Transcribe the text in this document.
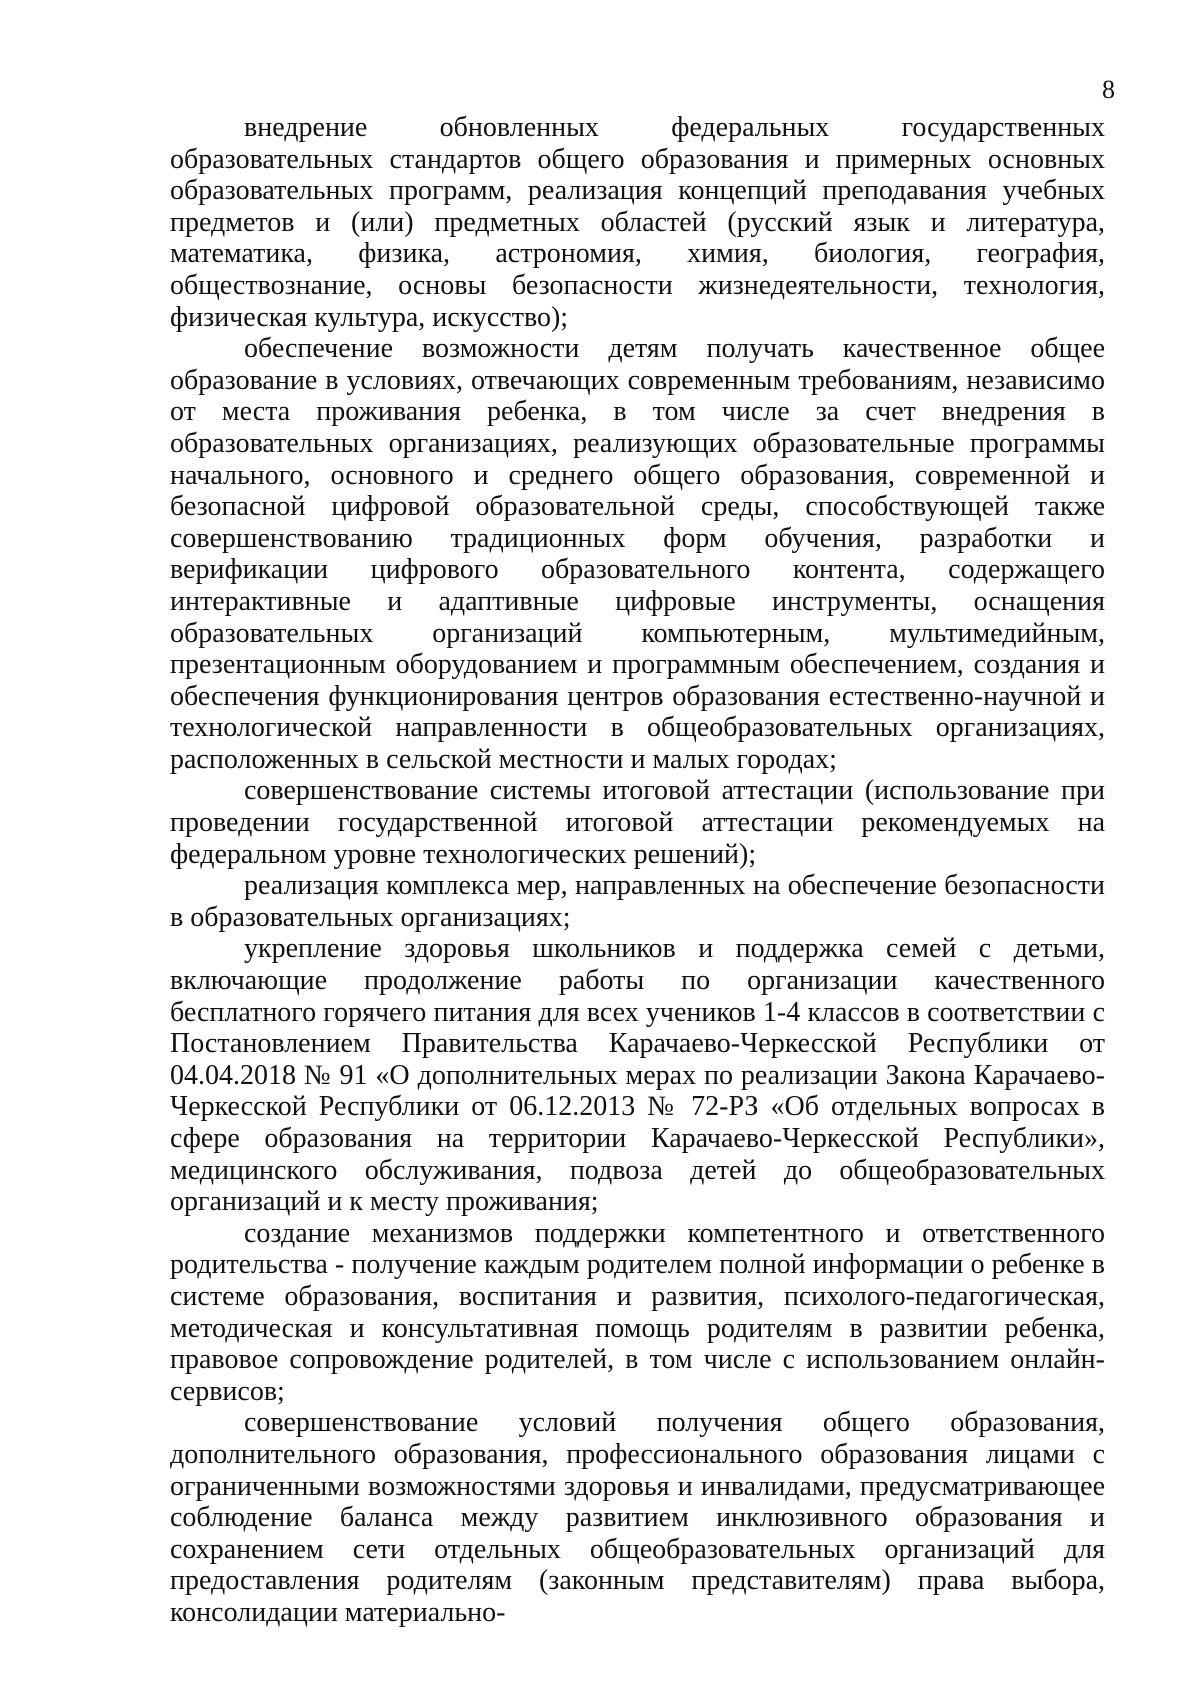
8

внедрение обновленных федеральных государственных образовательных стандартов общего образования и примерных основных образовательных программ, реализация концепций преподавания учебных предметов и (или) предметных областей (русский язык и литература, математика, физика, астрономия, химия, биология, география, обществознание, основы безопасности жизнедеятельности, технология, физическая культура, искусство);

обеспечение возможности детям получать качественное общее образование в условиях, отвечающих современным требованиям, независимо от места проживания ребенка, в том числе за счет внедрения в образовательных организациях, реализующих образовательные программы начального, основного и среднего общего образования, современной и безопасной цифровой образовательной среды, способствующей также совершенствованию традиционных форм обучения, разработки и верификации цифрового образовательного контента, содержащего интерактивные и адаптивные цифровые инструменты, оснащения образовательных организаций компьютерным, мультимедийным, презентационным оборудованием и программным обеспечением, создания и обеспечения функционирования центров образования естественно-научной и технологической направленности в общеобразовательных организациях, расположенных в сельской местности и малых городах;

совершенствование системы итоговой аттестации (использование при проведении государственной итоговой аттестации рекомендуемых на федеральном уровне технологических решений);

реализация комплекса мер, направленных на обеспечение безопасности в образовательных организациях;

укрепление здоровья школьников и поддержка семей с детьми, включающие продолжение работы по организации качественного бесплатного горячего питания для всех учеников 1-4 классов в соответствии с Постановлением Правительства Карачаево-Черкесской Республики от 04.04.2018 № 91 «О дополнительных мерах по реализации Закона Карачаево-Черкесской Республики от 06.12.2013 № 72-РЗ «Об отдельных вопросах в сфере образования на территории Карачаево-Черкесской Республики», медицинского обслуживания, подвоза детей до общеобразовательных организаций и к месту проживания;

создание механизмов поддержки компетентного и ответственного родительства - получение каждым родителем полной информации о ребенке в системе образования, воспитания и развития, психолого-педагогическая, методическая и консультативная помощь родителям в развитии ребенка, правовое сопровождение родителей, в том числе с использованием онлайн-сервисов;

совершенствование условий получения общего образования, дополнительного образования, профессионального образования лицами с ограниченными возможностями здоровья и инвалидами, предусматривающее соблюдение баланса между развитием инклюзивного образования и сохранением сети отдельных общеобразовательных организаций для предоставления родителям (законным представителям) права выбора, консолидации материально-
